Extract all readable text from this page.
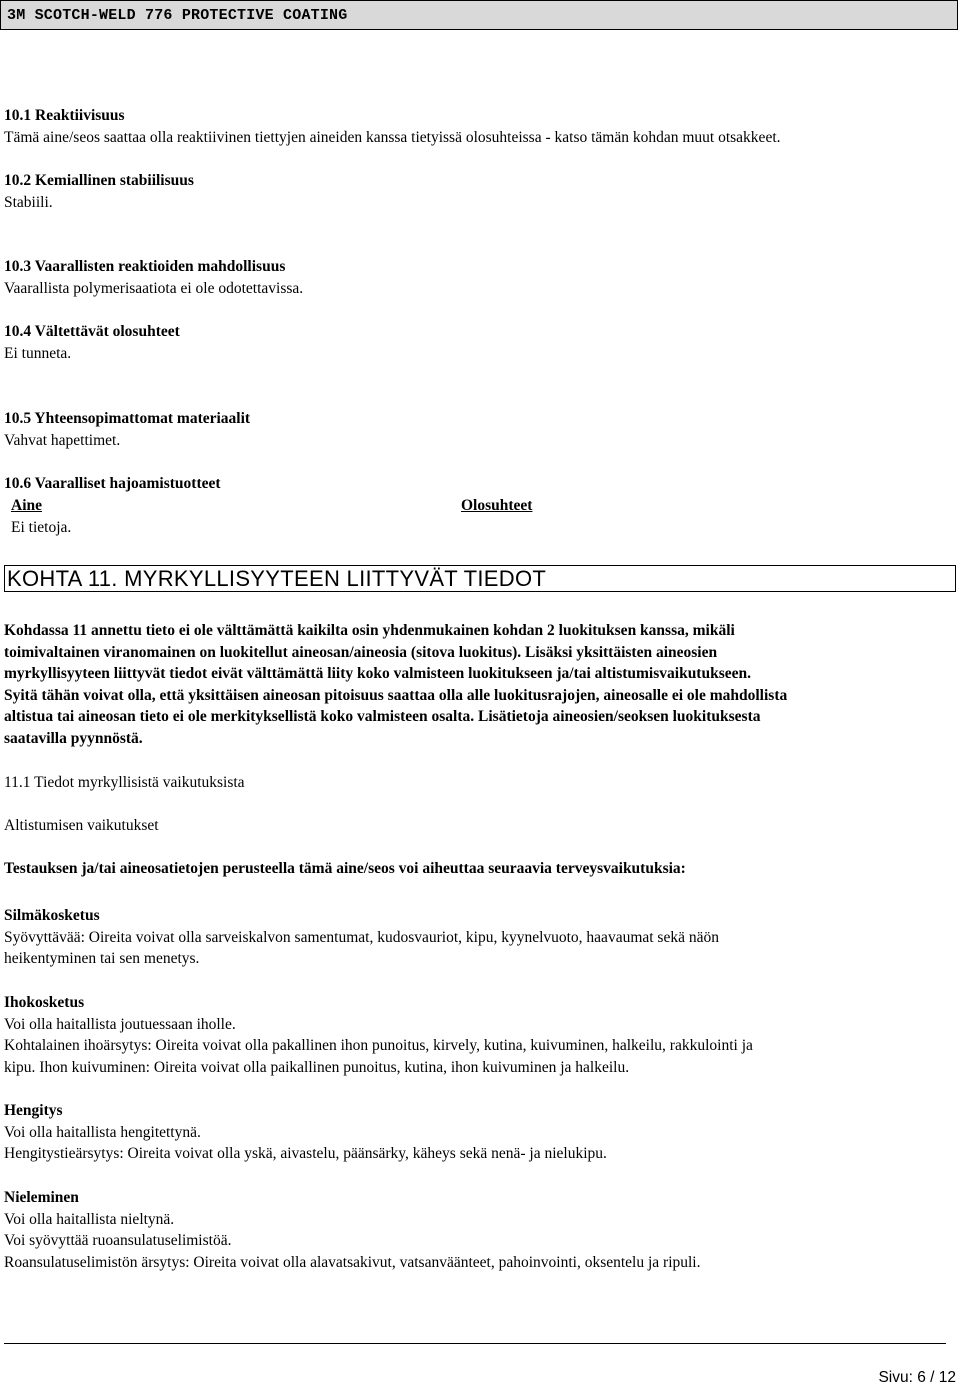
3M SCOTCH-WELD 776 PROTECTIVE COATING
10.1 Reaktiivisuus
Tämä aine/seos saattaa olla reaktiivinen tiettyjen aineiden kanssa tietyissä olosuhteissa - katso tämän kohdan muut otsakkeet.
10.2 Kemiallinen stabiilisuus
Stabiili.
10.3 Vaarallisten reaktioiden mahdollisuus
Vaarallista polymerisaatiota ei ole odotettavissa.
10.4 Vältettävät olosuhteet
Ei tunneta.
10.5 Yhteensopimattomat materiaalit
Vahvat hapettimet.
10.6 Vaaralliset hajoamistuotteet
Aine	Olosuhteet
Ei tietoja.
KOHTA 11. MYRKYLLISYYTEEN LIITTYVÄT TIEDOT
Kohdassa 11 annettu tieto ei ole välttämättä kaikilta osin yhdenmukainen kohdan 2 luokituksen kanssa, mikäli
toimivaltainen viranomainen on luokitellut aineosan/aineosia (sitova luokitus). Lisäksi yksittäisten aineosien
myrkyllisyyteen liittyvät tiedot eivät välttämättä liity koko valmisteen luokitukseen ja/tai altistumisvaikutukseen.
Syitä tähän voivat olla, että yksittäisen aineosan pitoisuus saattaa olla alle luokitusrajojen, aineosalle ei ole mahdollista
altistua tai aineosan tieto ei ole merkityksellistä koko valmisteen osalta. Lisätietoja aineosien/seoksen luokituksesta
saatavilla pyynnöstä.
11.1 Tiedot myrkyllisistä vaikutuksista
Altistumisen vaikutukset
Testauksen ja/tai aineosatietojen perusteella tämä aine/seos voi aiheuttaa seuraavia terveysvaikutuksia:
Silmäkosketus
Syövyttävää: Oireita voivat olla sarveiskalvon samentumat, kudosvauriot, kipu, kyynelvuoto, haavaumat sekä näön
heikentyminen tai sen menetys.
Ihokosketus
Voi olla haitallista joutuessaan iholle.
Kohtalainen ihoärsytys: Oireita voivat olla pakallinen ihon punoitus, kirvely, kutina, kuivuminen, halkeilu, rakkulointi ja
kipu. Ihon kuivuminen: Oireita voivat olla paikallinen punoitus, kutina, ihon kuivuminen ja halkeilu.
Hengitys
Voi olla haitallista hengitettynä.
Hengitystieärsytys: Oireita voivat olla yskä, aivastelu, päänsärky, käheys sekä nenä- ja nielukipu.
Nieleminen
Voi olla haitallista nieltynä.
Voi syövyttää ruoansulatuselimistöä.
Roansulatuselimistön ärsytys: Oireita voivat olla alavatsakivut, vatsanväänteet, pahoinvointi, oksentelu ja ripuli.
Sivu: 6 / 12
